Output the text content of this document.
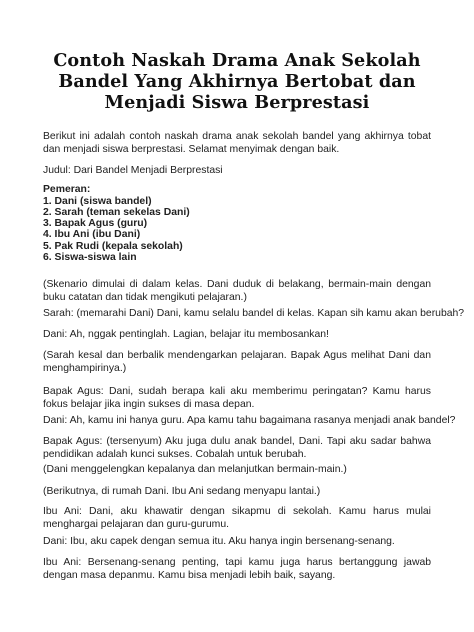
Contoh Naskah Drama Anak Sekolah Bandel Yang Akhirnya Bertobat dan Menjadi Siswa Berprestasi
Berikut ini adalah contoh naskah drama anak sekolah bandel yang akhirnya tobat dan menjadi siswa berprestasi. Selamat menyimak dengan baik.
Judul: Dari Bandel Menjadi Berprestasi
Pemeran:
1. Dani (siswa bandel)
2. Sarah (teman sekelas Dani)
3. Bapak Agus (guru)
4. Ibu Ani (ibu Dani)
5. Pak Rudi (kepala sekolah)
6. Siswa-siswa lain
(Skenario dimulai di dalam kelas. Dani duduk di belakang, bermain-main dengan buku catatan dan tidak mengikuti pelajaran.)
Sarah: (memarahi Dani) Dani, kamu selalu bandel di kelas. Kapan sih kamu akan berubah?
Dani: Ah, nggak pentinglah. Lagian, belajar itu membosankan!
(Sarah kesal dan berbalik mendengarkan pelajaran. Bapak Agus melihat Dani dan menghampirinya.)
Bapak Agus: Dani, sudah berapa kali aku memberimu peringatan? Kamu harus fokus belajar jika ingin sukses di masa depan.
Dani: Ah, kamu ini hanya guru. Apa kamu tahu bagaimana rasanya menjadi anak bandel?
Bapak Agus: (tersenyum) Aku juga dulu anak bandel, Dani. Tapi aku sadar bahwa pendidikan adalah kunci sukses. Cobalah untuk berubah.
(Dani menggelengkan kepalanya dan melanjutkan bermain-main.)
(Berikutnya, di rumah Dani. Ibu Ani sedang menyapu lantai.)
Ibu Ani: Dani, aku khawatir dengan sikapmu di sekolah. Kamu harus mulai menghargai pelajaran dan guru-gurumu.
Dani: Ibu, aku capek dengan semua itu. Aku hanya ingin bersenang-senang.
Ibu Ani: Bersenang-senang penting, tapi kamu juga harus bertanggung jawab dengan masa depanmu. Kamu bisa menjadi lebih baik, sayang.
